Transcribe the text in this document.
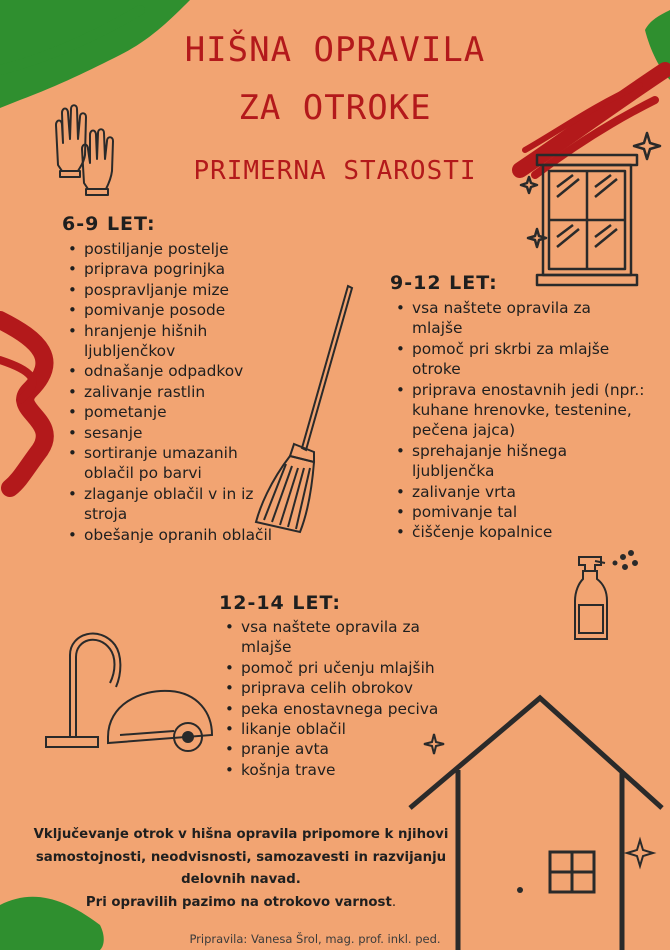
HIŠNA OPRAVILA
ZA OTROKE
PRIMERNA STAROSTI
6-9 LET:
• postiljanje postelje
• priprava pogrinjka
• pospravljanje mize
• pomivanje posode
• hranjenje hišnih ljubljenčkov
• odnašanje odpadkov
• zalivanje rastlin
• pometanje
• sesanje
• sortiranje umazanih oblačil po barvi
• zlaganje oblačil v in iz stroja
• obešanje opranih oblačil
9-12 LET:
• vsa naštete opravila za mlajše
• pomoč pri skrbi za mlajše otroke
• priprava enostavnih jedi (npr.: kuhane hrenovke, testenine, pečena jajca)
• sprehajanje hišnega ljubljenčka
• zalivanje vrta
• pomivanje tal
• čiščenje kopalnice
12-14 LET:
• vsa naštete opravila za mlajše
• pomoč pri učenju mlajših
• priprava celih obrokov
• peka enostavnega peciva
• likanje oblačil
• pranje avta
• košnja trave
Vključevanje otrok v hišna opravila pripomore k njihovi
samostojnosti, neodvisnosti, samozavesti in razvijanju
delovnih navad.
Pri opravilih pazimo na otrokovo varnost.
Pripravila: Vanesa Šrol, mag. prof. inkl. ped.
